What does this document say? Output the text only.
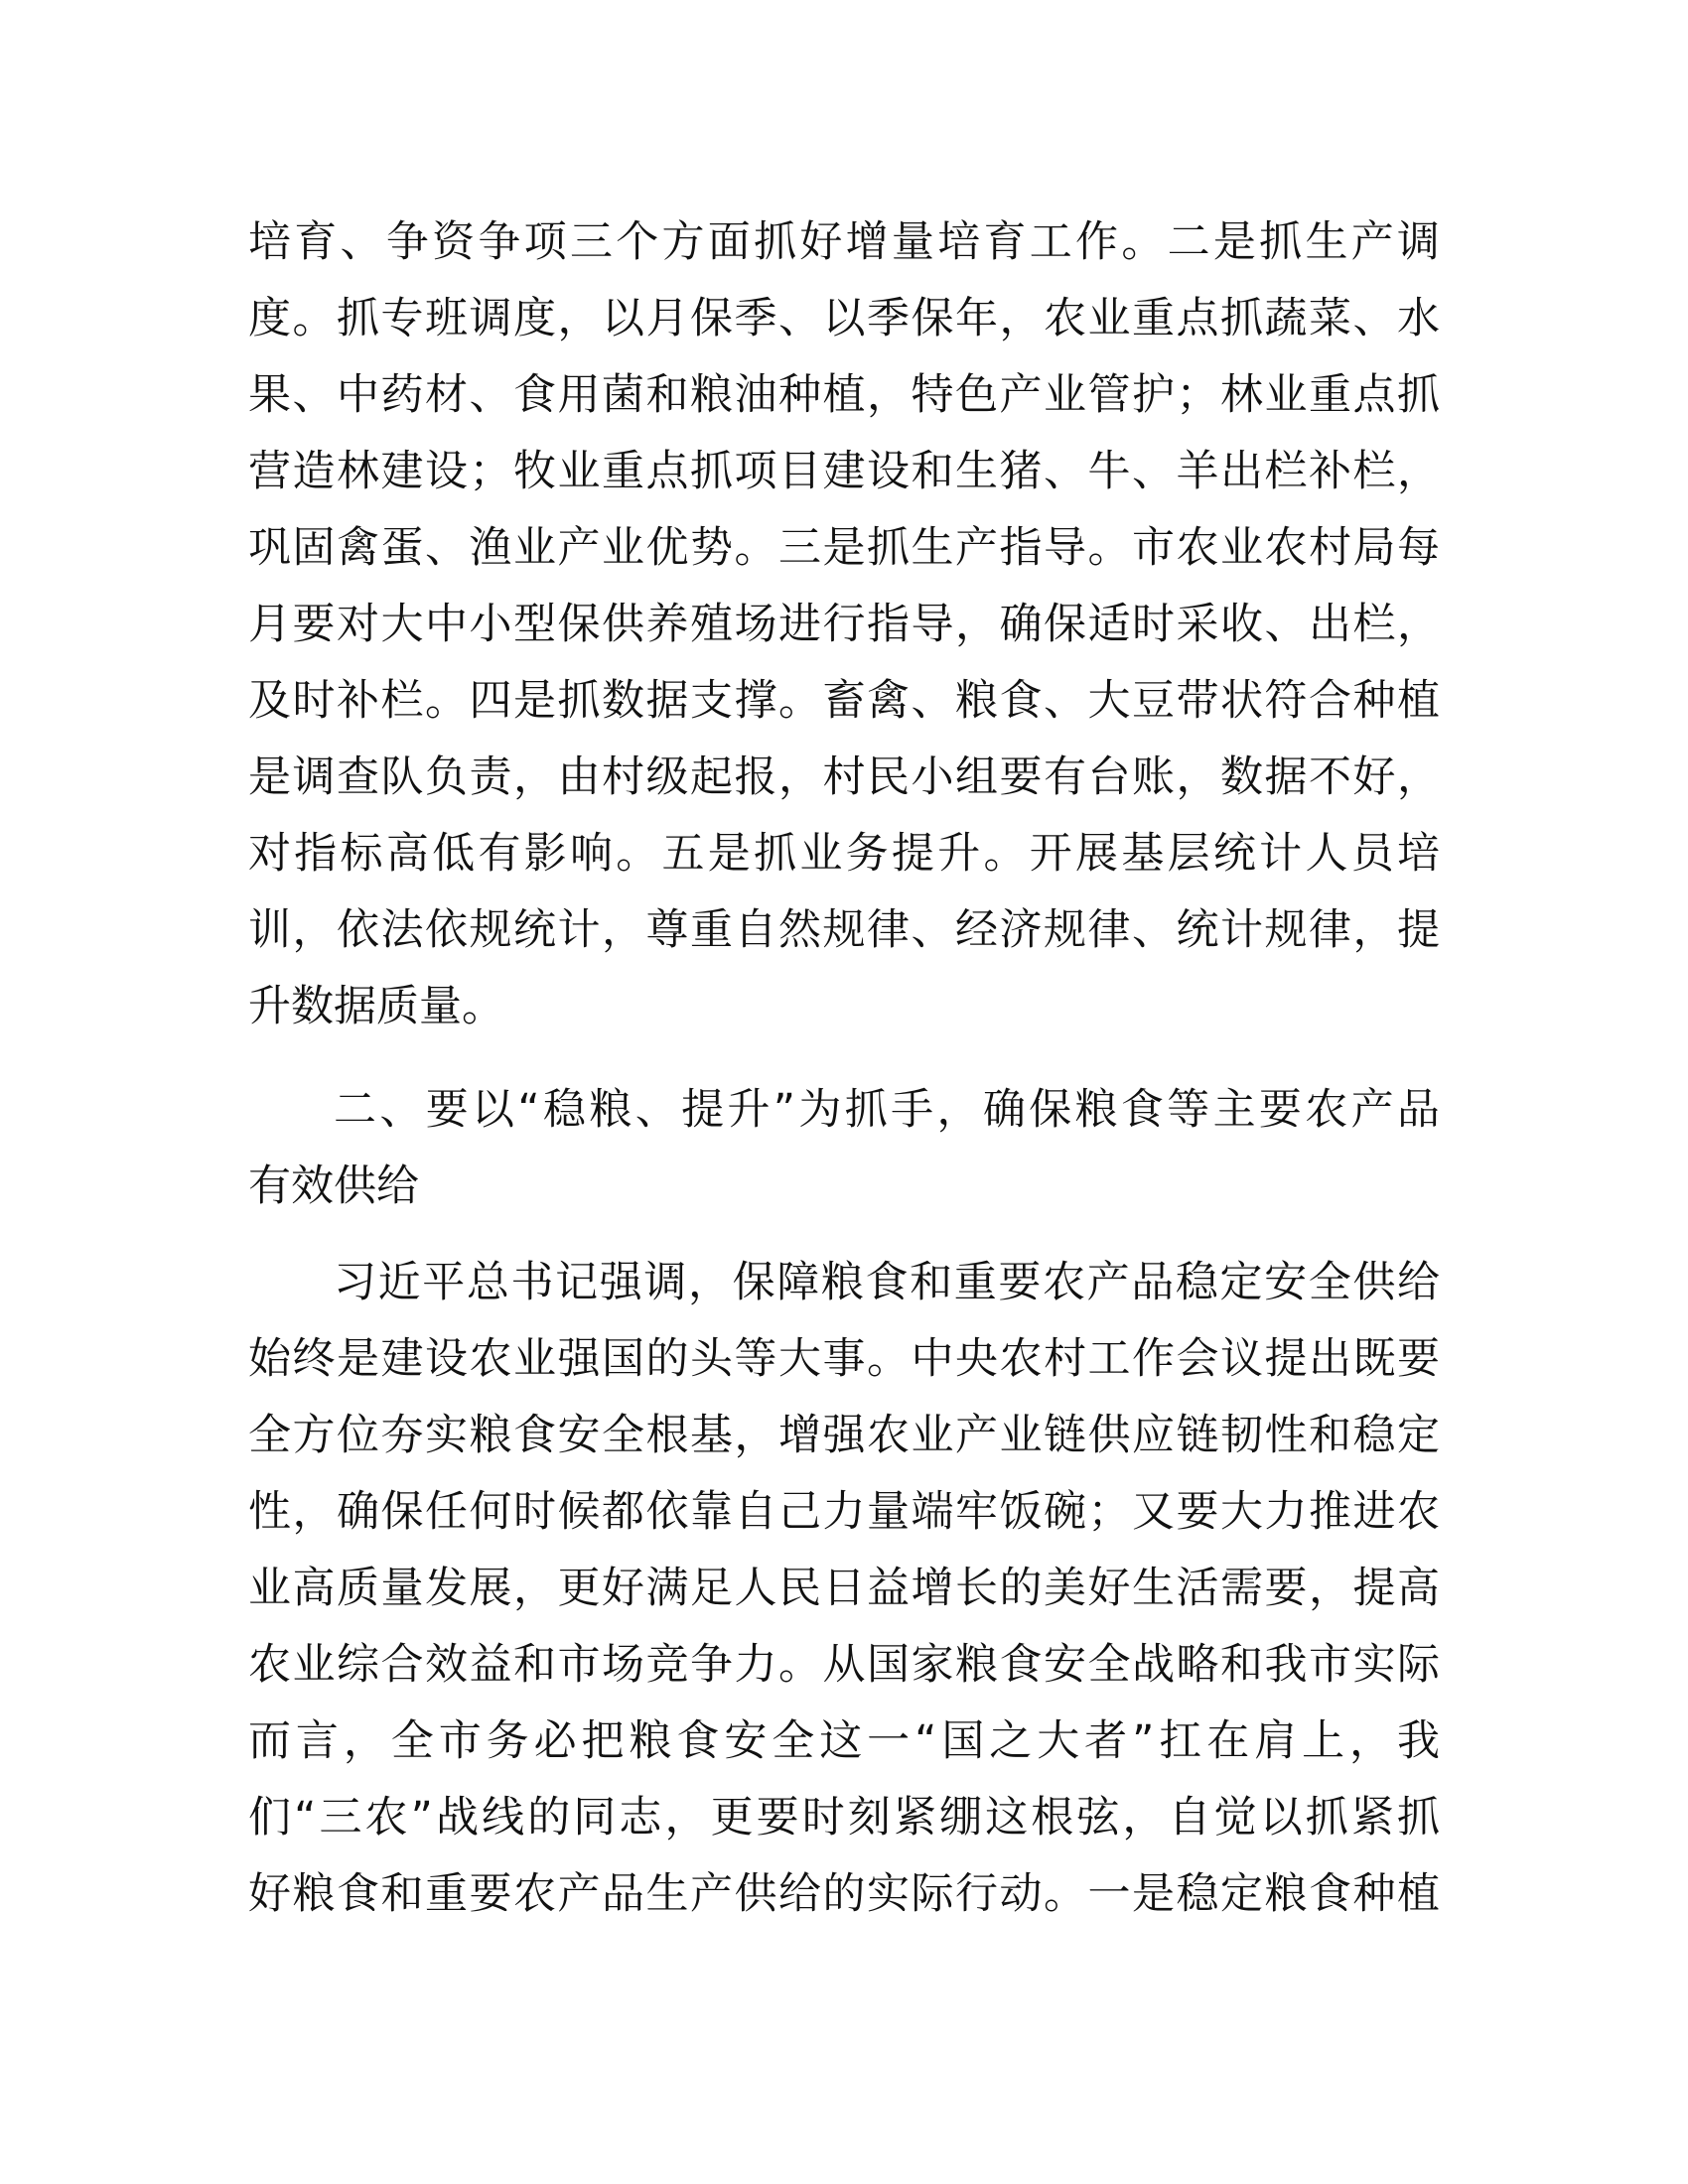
培育、争资争项三个方面抓好增量培育工作。二是抓生产调
度。抓专班调度，以月保季、以季保年，农业重点抓蔬菜、水
果、中药材、食用菌和粮油种植，特色产业管护；林业重点抓
营造林建设；牧业重点抓项目建设和生猪、牛、羊出栏补栏，
巩固禽蛋、渔业产业优势。三是抓生产指导。市农业农村局每
月要对大中小型保供养殖场进行指导，确保适时采收、出栏，
及时补栏。四是抓数据支撑。畜禽、粮食、大豆带状符合种植
是调查队负责，由村级起报，村民小组要有台账，数据不好，
对指标高低有影响。五是抓业务提升。开展基层统计人员培
训，依法依规统计，尊重自然规律、经济规律、统计规律，提
升数据质量。
二、要以“稳粮、提升”为抓手，确保粮食等主要农产品
有效供给
习近平总书记强调，保障粮食和重要农产品稳定安全供给
始终是建设农业强国的头等大事。中央农村工作会议提出既要
全方位夯实粮食安全根基，增强农业产业链供应链韧性和稳定
性，确保任何时候都依靠自己力量端牢饭碗；又要大力推进农
业高质量发展，更好满足人民日益增长的美好生活需要，提高
农业综合效益和市场竞争力。从国家粮食安全战略和我市实际
而言，全市务必把粮食安全这一“国之大者”扛在肩上，我
们“三农”战线的同志，更要时刻紧绷这根弦，自觉以抓紧抓
好粮食和重要农产品生产供给的实际行动。一是稳定粮食种植
